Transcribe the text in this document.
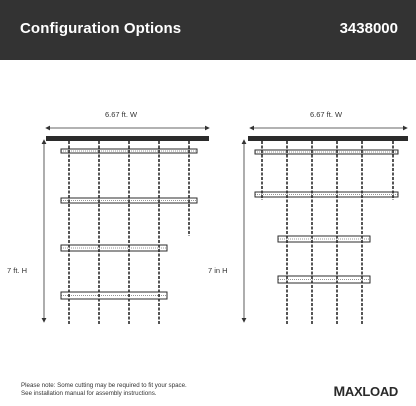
Configuration Options	3438000
6.67 ft. W
7 ft. H
6.67 ft. W
7 in H
Please note: Some cutting may be required to fit your space.
See installation manual for assembly instructions.	MAXLOAD
